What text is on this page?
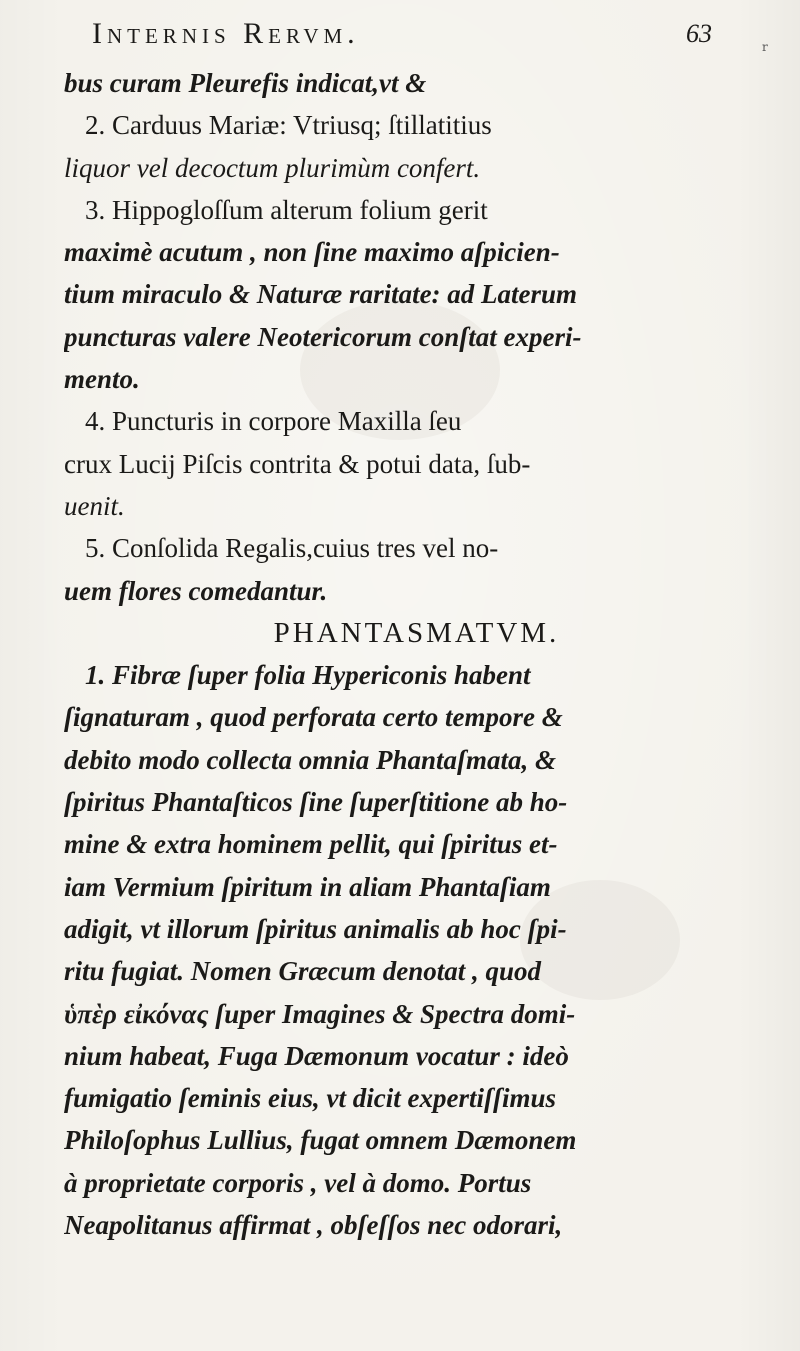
Internis Rervm.	63	r
bus curam Pleurefis indicat,vt &
2. Carduus Mariæ: Vtriusq; ſtillatitius
liquor vel decoctum plurimùm confert.
3. Hippogloſſum alterum folium gerit
maximè acutum , non ſine maximo aſpicien-
tium miraculo & Naturæ raritate: ad Laterum
puncturas valere Neotericorum conſtat experi-
mento.
4. Puncturis in corpore Maxilla ſeu
crux Lucij Piſcis contrita & potui data, ſub-
uenit.
5. Conſolida Regalis,cuius tres vel no-
uem flores comedantur.
PHANTASMATVM.
1. Fibræ ſuper folia Hypericonis habent
ſignaturam , quod perforata certo tempore &
debito modo collecta omnia Phantaſmata, &
ſpiritus Phantaſticos ſine ſuperſtitione ab ho-
mine & extra hominem pellit, qui ſpiritus et-
iam Vermium ſpiritum in aliam Phantaſiam
adigit, vt illorum ſpiritus animalis ab hoc ſpi-
ritu fugiat. Nomen Græcum denotat , quod
ὑπὲρ εἰκόνας ſuper Imagines & Spectra domi-
nium habeat, Fuga Dæmonum vocatur : ideò
fumigatio ſeminis eius, vt dicit expertiſſimus
Philoſophus Lullius, fugat omnem Dæmonem
à proprietate corporis , vel à domo. Portus
Neapolitanus affirmat , obſeſſos nec odorari,
